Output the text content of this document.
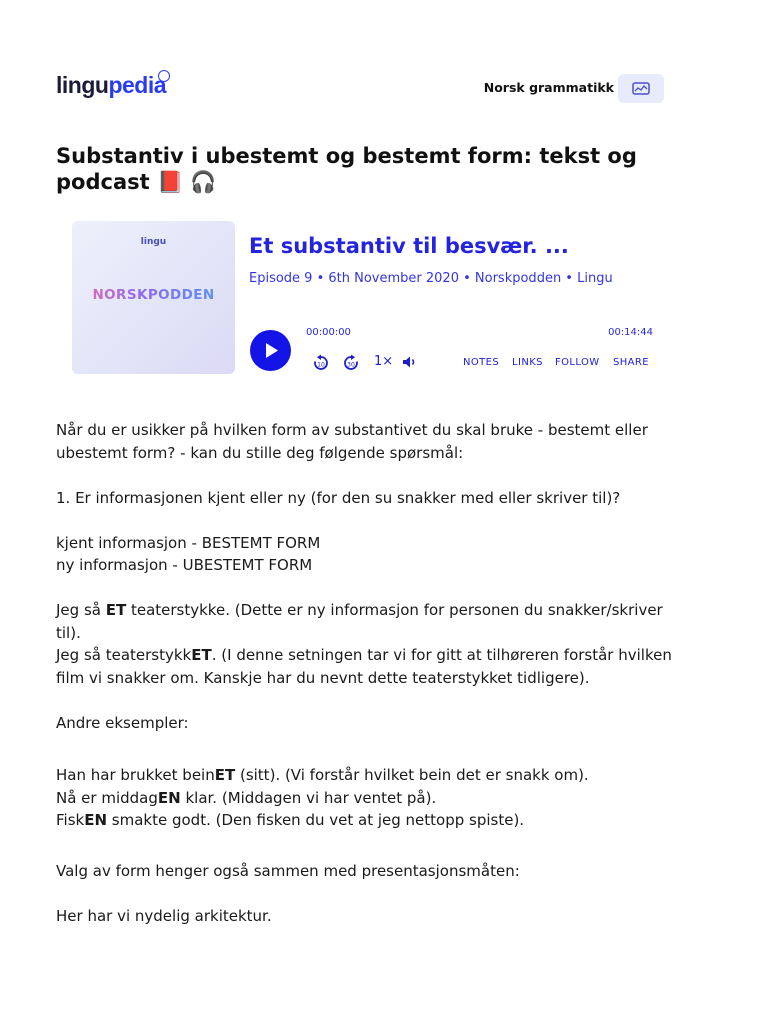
lingupedia	Norsk grammatikk
Substantiv i ubestemt og bestemt form: tekst og podcast 📕 🎧
lingu
NORSKPODDEN
Et substantiv til besvær. ...
Episode 9 • 6th November 2020 • Norskpodden • Lingu
00:00:00	00:14:44
10	30 1×	NOTES LINKS FOLLOW SHARE

Når du er usikker på hvilken form av substantivet du skal bruke - bestemt eller ubestemt form? - kan du stille deg følgende spørsmål:

1. Er informasjonen kjent eller ny (for den su snakker med eller skriver til)?

kjent informasjon - BESTEMT FORM

ny informasjon - UBESTEMT FORM

Jeg så ET teaterstykke. (Dette er ny informasjon for personen du snakker/skriver til).

Jeg så teaterstykkET. (I denne setningen tar vi for gitt at tilhøreren forstår hvilken film vi snakker om. Kanskje har du nevnt dette teaterstykket tidligere).

Andre eksempler:

Han har brukket beinET (sitt). (Vi forstår hvilket bein det er snakk om).

Nå er middagEN klar. (Middagen vi har ventet på).

FiskEN smakte godt. (Den fisken du vet at jeg nettopp spiste).

Valg av form henger også sammen med presentasjonsmåten:

Her har vi nydelig arkitektur.
